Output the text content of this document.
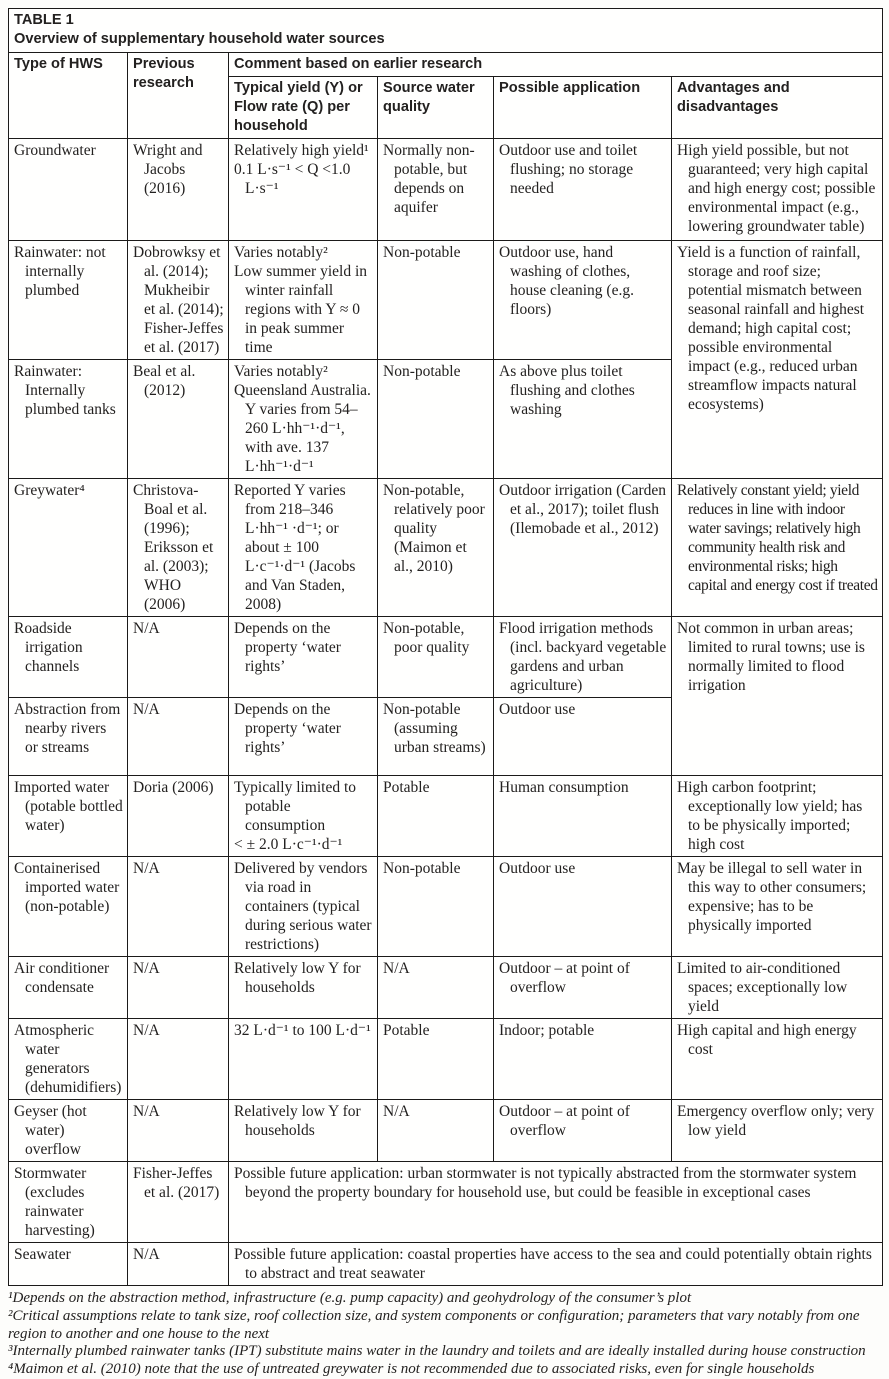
TABLE 1
Overview of supplementary household water sources					

Type of HWS	Previous research	Comment based on earlier research			
		Typical yield (Y) or Flow rate (Q) per household	Source water quality	Possible application	Advantages and disadvantages

Groundwater	Wright and Jacobs (2016)	Relatively high yield¹
0.1 L·s⁻¹ < Q <1.0 L·s⁻¹	Normally non-potable, but depends on aquifer	Outdoor use and toilet flushing; no storage needed	High yield possible, but not guaranteed; very high capital and high energy cost; possible environmental impact (e.g., lowering groundwater table)

Rainwater: not internally plumbed	Dobrowksy et al. (2014); Mukheibir et al. (2014); Fisher-Jeffes et al. (2017)	Varies notably²
Low summer yield in winter rainfall regions with Y ≈ 0 in peak summer time	Non-potable	Outdoor use, hand washing of clothes, house cleaning (e.g. floors)	Yield is a function of rainfall, storage and roof size; potential mismatch between seasonal rainfall and highest demand; high capital cost; possible environmental impact (e.g., reduced urban streamflow impacts natural ecosystems)

Rainwater: Internally plumbed tanks	Beal et al. (2012)	Varies notably²
Queensland Australia. Y varies from 54–260 L·hh⁻¹·d⁻¹, with ave. 137 L·hh⁻¹·d⁻¹	Non-potable	As above plus toilet flushing and clothes washing	

Greywater⁴	Christova-Boal et al. (1996); Eriksson et al. (2003); WHO (2006)	Reported Y varies from 218–346 L·hh⁻¹ ·d⁻¹; or about ± 100 L·c⁻¹·d⁻¹ (Jacobs and Van Staden, 2008)	Non-potable, relatively poor quality (Maimon et al., 2010)	Outdoor irrigation (Carden et al., 2017); toilet flush (Ilemobade et al., 2012)	Relatively constant yield; yield reduces in line with indoor water savings; relatively high community health risk and environmental risks; high capital and energy cost if treated

Roadside irrigation channels	N/A	Depends on the property ‘water rights’	Non-potable, poor quality	Flood irrigation methods (incl. backyard vegetable gardens and urban agriculture)	Not common in urban areas; limited to rural towns; use is normally limited to flood irrigation

Abstraction from nearby rivers or streams	N/A	Depends on the property ‘water rights’	Non-potable (assuming urban streams)	Outdoor use	

Imported water (potable bottled water)	Doria (2006)	Typically limited to potable consumption
< ± 2.0 L·c⁻¹·d⁻¹	Potable	Human consumption	High carbon footprint; exceptionally low yield; has to be physically imported; high cost

Containerised imported water (non-potable)	N/A	Delivered by vendors via road in containers (typical during serious water restrictions)	Non-potable	Outdoor use	May be illegal to sell water in this way to other consumers; expensive; has to be physically imported

Air conditioner condensate	N/A	Relatively low Y for households	N/A	Outdoor – at point of overflow	Limited to air-conditioned spaces; exceptionally low yield

Atmospheric water generators (dehumidifiers)	N/A	32 L·d⁻¹ to 100 L·d⁻¹	Potable	Indoor; potable	High capital and high energy cost

Geyser (hot water) overflow	N/A	Relatively low Y for households	N/A	Outdoor – at point of overflow	Emergency overflow only; very low yield

Stormwater (excludes rainwater harvesting)	Fisher-Jeffes et al. (2017)	Possible future application: urban stormwater is not typically abstracted from the stormwater system beyond the property boundary for household use, but could be feasible in exceptional cases			

Seawater	N/A	Possible future application: coastal properties have access to the sea and could potentially obtain rights to abstract and treat seawater			

¹Depends on the abstraction method, infrastructure (e.g. pump capacity) and geohydrology of the consumer’s plot

²Critical assumptions relate to tank size, roof collection size, and system components or configuration; parameters that vary notably from one region to another and one house to the next

³Internally plumbed rainwater tanks (IPT) substitute mains water in the laundry and toilets and are ideally installed during house construction

⁴Maimon et al. (2010) note that the use of untreated greywater is not recommended due to associated risks, even for single households
